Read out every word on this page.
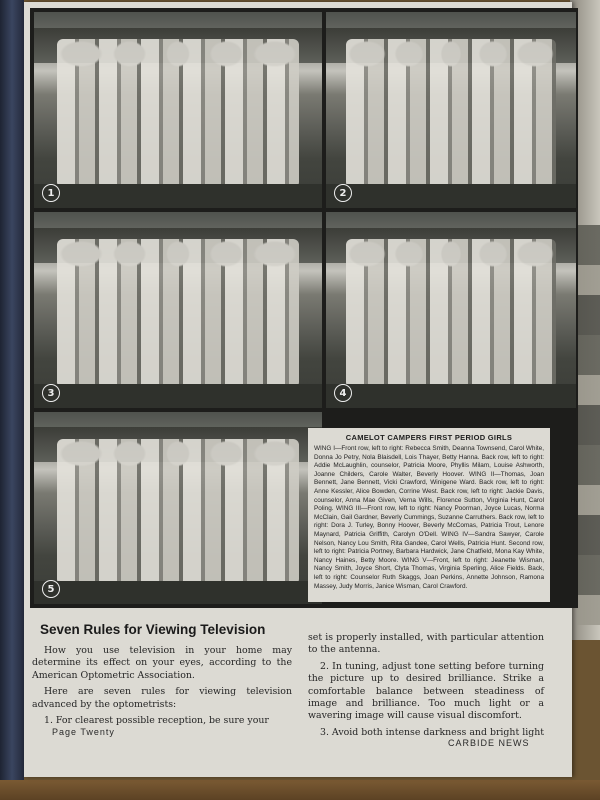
1	2
3	4
5
CAMELOT CAMPERS FIRST PERIOD GIRLS
WING I—Front row, left to right: Rebecca Smith, Deanna Townsend, Carol White, Donna Jo Petry, Nola Blaisdell, Lois Thayer, Betty Hanna. Back row, left to right: Addie McLaughlin, counselor, Patricia Moore, Phyllis Milam, Louise Ashworth, Joanne Childers, Carole Walter, Beverly Hoover. WING II—Thomas, Joan Bennett, Jane Bennett, Vicki Crawford, Winigene Ward. Back row, left to right: Anne Kessler, Alice Bowden, Corrine West. Back row, left to right: Jackie Davis, counselor, Anna Mae Given, Verna Wills, Florence Sutton, Virginia Hunt, Carol Poling. WING III—Front row, left to right: Nancy Poorman, Joyce Lucas, Norma McClain, Gail Gardner, Beverly Cummings, Suzanne Carruthers. Back row, left to right: Dora J. Turley, Bonny Hoover, Beverly McComas, Patricia Trout, Lenore Maynard, Patricia Griffith, Carolyn O'Dell. WING IV—Sandra Sawyer, Carole Nelson, Nancy Lou Smith, Rita Gandee, Carol Wells, Patricia Hunt. Second row, left to right: Patricia Portney, Barbara Hardwick, Jane Chatfield, Mona Kay White, Nancy Haines, Betty Moore. WING V—Front, left to right: Jeanette Wisman, Nancy Smith, Joyce Short, Clyta Thomas, Virginia Sperling, Alice Fields. Back, left to right: Counselor Ruth Skaggs, Joan Perkins, Annette Johnson, Ramona Massey, Judy Morris, Janice Wisman, Carol Crawford.
Seven Rules for Viewing Television

How you use television in your home may determine its effect on your eyes, according to the American Optometric Association.

Here are seven rules for viewing television advanced by the optometrists:

1. For clearest possible reception, be sure your

set is properly installed, with particular attention to the antenna.

2. In tuning, adjust tone setting before turning the picture up to desired brilliance. Strike a comfortable balance between steadiness of image and brilliance. Too much light or a wavering image will cause visual discomfort.

3. Avoid both intense darkness and bright light

Page Twenty
CARBIDE NEWS
